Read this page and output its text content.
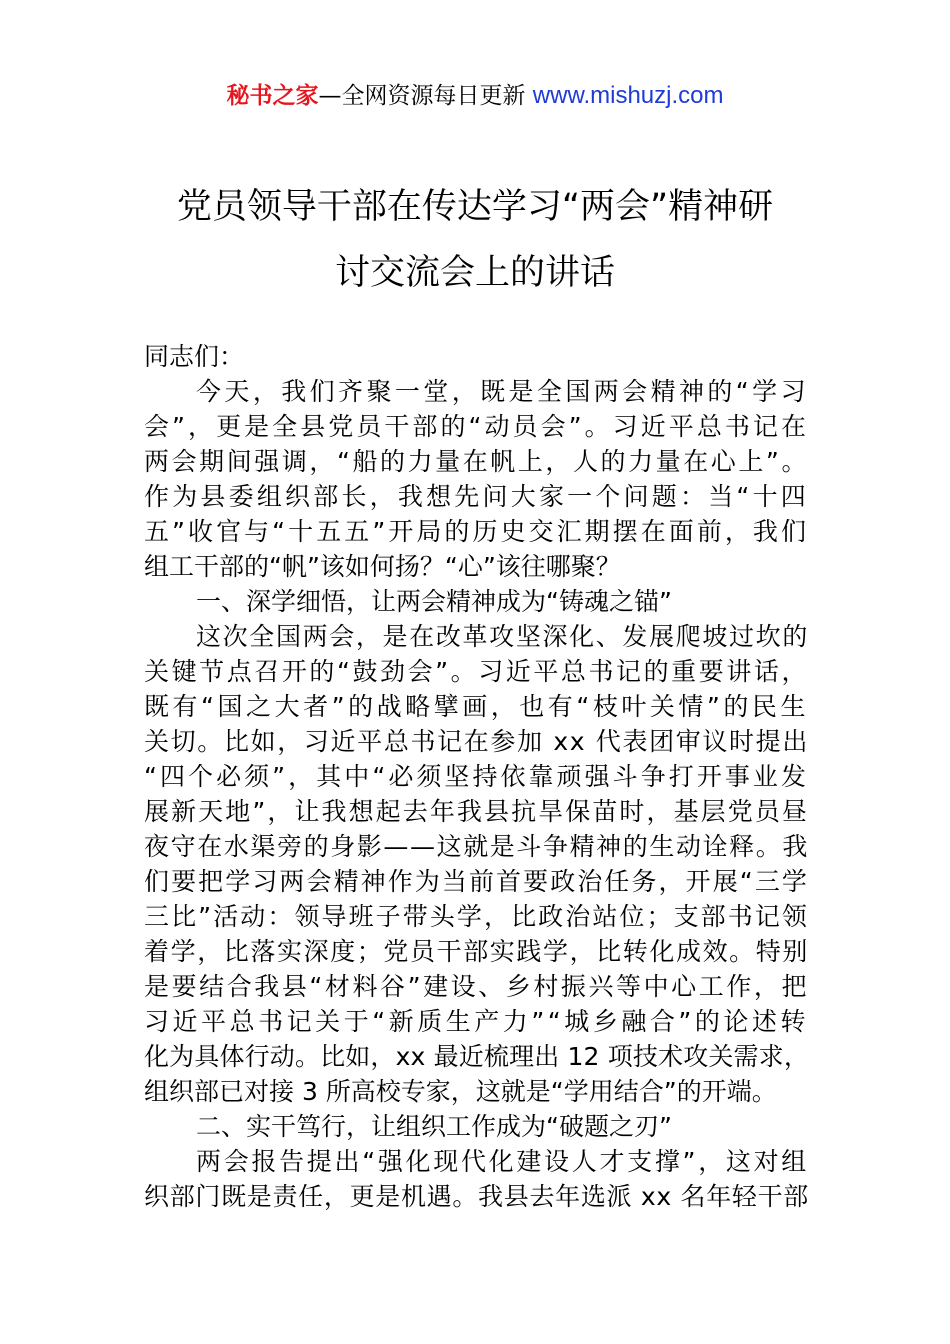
秘书之家—全网资源每日更新 www.mishuzj.com
党员领导干部在传达学习“两会”精神研
讨交流会上的讲话
同志们：
今天，我们齐聚一堂，既是全国两会精神的“学习
会”，更是全县党员干部的“动员会”。习近平总书记在
两会期间强调，“船的力量在帆上，人的力量在心上”。
作为县委组织部长，我想先问大家一个问题：当“十四
五”收官与“十五五”开局的历史交汇期摆在面前，我们
组工干部的“帆”该如何扬？“心”该往哪聚？
一、深学细悟，让两会精神成为“铸魂之锚”
这次全国两会，是在改革攻坚深化、发展爬坡过坎的
关键节点召开的“鼓劲会”。习近平总书记的重要讲话，
既有“国之大者”的战略擘画，也有“枝叶关情”的民生
关切。比如，习近平总书记在参加 xx 代表团审议时提出
“四个必须”，其中“必须坚持依靠顽强斗争打开事业发
展新天地”，让我想起去年我县抗旱保苗时，基层党员昼
夜守在水渠旁的身影——这就是斗争精神的生动诠释。我
们要把学习两会精神作为当前首要政治任务，开展“三学
三比”活动：领导班子带头学，比政治站位；支部书记领
着学，比落实深度；党员干部实践学，比转化成效。特别
是要结合我县“材料谷”建设、乡村振兴等中心工作，把
习近平总书记关于“新质生产力”“城乡融合”的论述转
化为具体行动。比如，xx 最近梳理出 12 项技术攻关需求，
组织部已对接 3 所高校专家，这就是“学用结合”的开端。
二、实干笃行，让组织工作成为“破题之刃”
两会报告提出“强化现代化建设人才支撑”，这对组
织部门既是责任，更是机遇。我县去年选派 xx 名年轻干部
